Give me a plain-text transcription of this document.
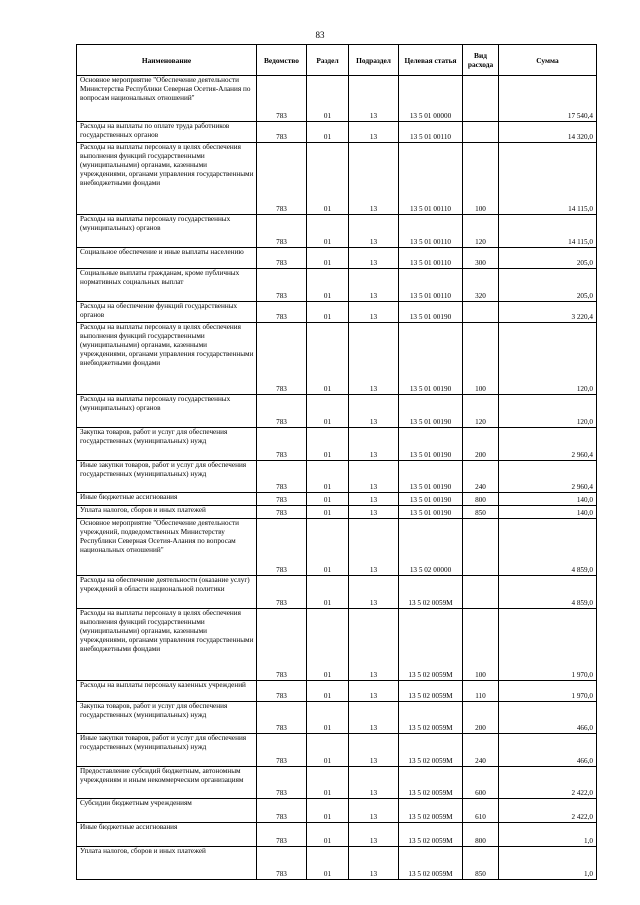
83
Наименование	Ведомство	Раздел	Подраздел	Целевая статья	Вид расхода	Сумма
Основное мероприятие "Обеспечение деятельности Министерства Республики Северная Осетия-Алания по вопросам национальных отношений"	783	01	13	13 5 01 00000		17 540,4
Расходы на выплаты по оплате труда работников государственных органов	783	01	13	13 5 01 00110		14 320,0
Расходы на выплаты персоналу в целях обеспечения выполнения функций государственными (муниципальными) органами, казенными учреждениями, органами управления государственными внебюджетными фондами	783	01	13	13 5 01 00110	100	14 115,0
Расходы на выплаты персоналу государственных (муниципальных) органов	783	01	13	13 5 01 00110	120	14 115,0
Социальное обеспечение и иные выплаты населению	783	01	13	13 5 01 00110	300	205,0
Социальные выплаты гражданам, кроме публичных нормативных социальных выплат	783	01	13	13 5 01 00110	320	205,0
Расходы на обеспечение функций государственных органов	783	01	13	13 5 01 00190		3 220,4
Расходы на выплаты персоналу в целях обеспечения выполнения функций государственными (муниципальными) органами, казенными учреждениями, органами управления государственными внебюджетными фондами	783	01	13	13 5 01 00190	100	120,0
Расходы на выплаты персоналу государственных (муниципальных) органов	783	01	13	13 5 01 00190	120	120,0
Закупка товаров, работ и услуг для обеспечения государственных (муниципальных) нужд	783	01	13	13 5 01 00190	200	2 960,4
Иные закупки товаров, работ и услуг для обеспечения государственных (муниципальных) нужд	783	01	13	13 5 01 00190	240	2 960,4
Иные бюджетные ассигнования	783	01	13	13 5 01 00190	800	140,0
Уплата налогов, сборов и иных платежей	783	01	13	13 5 01 00190	850	140,0
Основное мероприятие "Обеспечение деятельности учреждений, подведомственных Министерству Республики Северная Осетия-Алания по вопросам национальных отношений"	783	01	13	13 5 02 00000		4 859,0
Расходы на обеспечение деятельности (оказание услуг) учреждений в области национальной политики	783	01	13	13 5 02 0059М		4 859,0
Расходы на выплаты персоналу в целях обеспечения выполнения функций государственными (муниципальными) органами, казенными учреждениями, органами управления государственными внебюджетными фондами	783	01	13	13 5 02 0059М	100	1 970,0
Расходы на выплаты персоналу казенных учреждений	783	01	13	13 5 02 0059М	110	1 970,0
Закупка товаров, работ и услуг для обеспечения государственных (муниципальных) нужд	783	01	13	13 5 02 0059М	200	466,0
Иные закупки товаров, работ и услуг для обеспечения государственных (муниципальных) нужд	783	01	13	13 5 02 0059М	240	466,0
Предоставление субсидий бюджетным, автономным учреждениям и иным некоммерческим организациям	783	01	13	13 5 02 0059М	600	2 422,0
Субсидии бюджетным учреждениям	783	01	13	13 5 02 0059М	610	2 422,0
Иные бюджетные ассигнования	783	01	13	13 5 02 0059М	800	1,0
Уплата налогов, сборов и иных платежей	783	01	13	13 5 02 0059М	850	1,0
